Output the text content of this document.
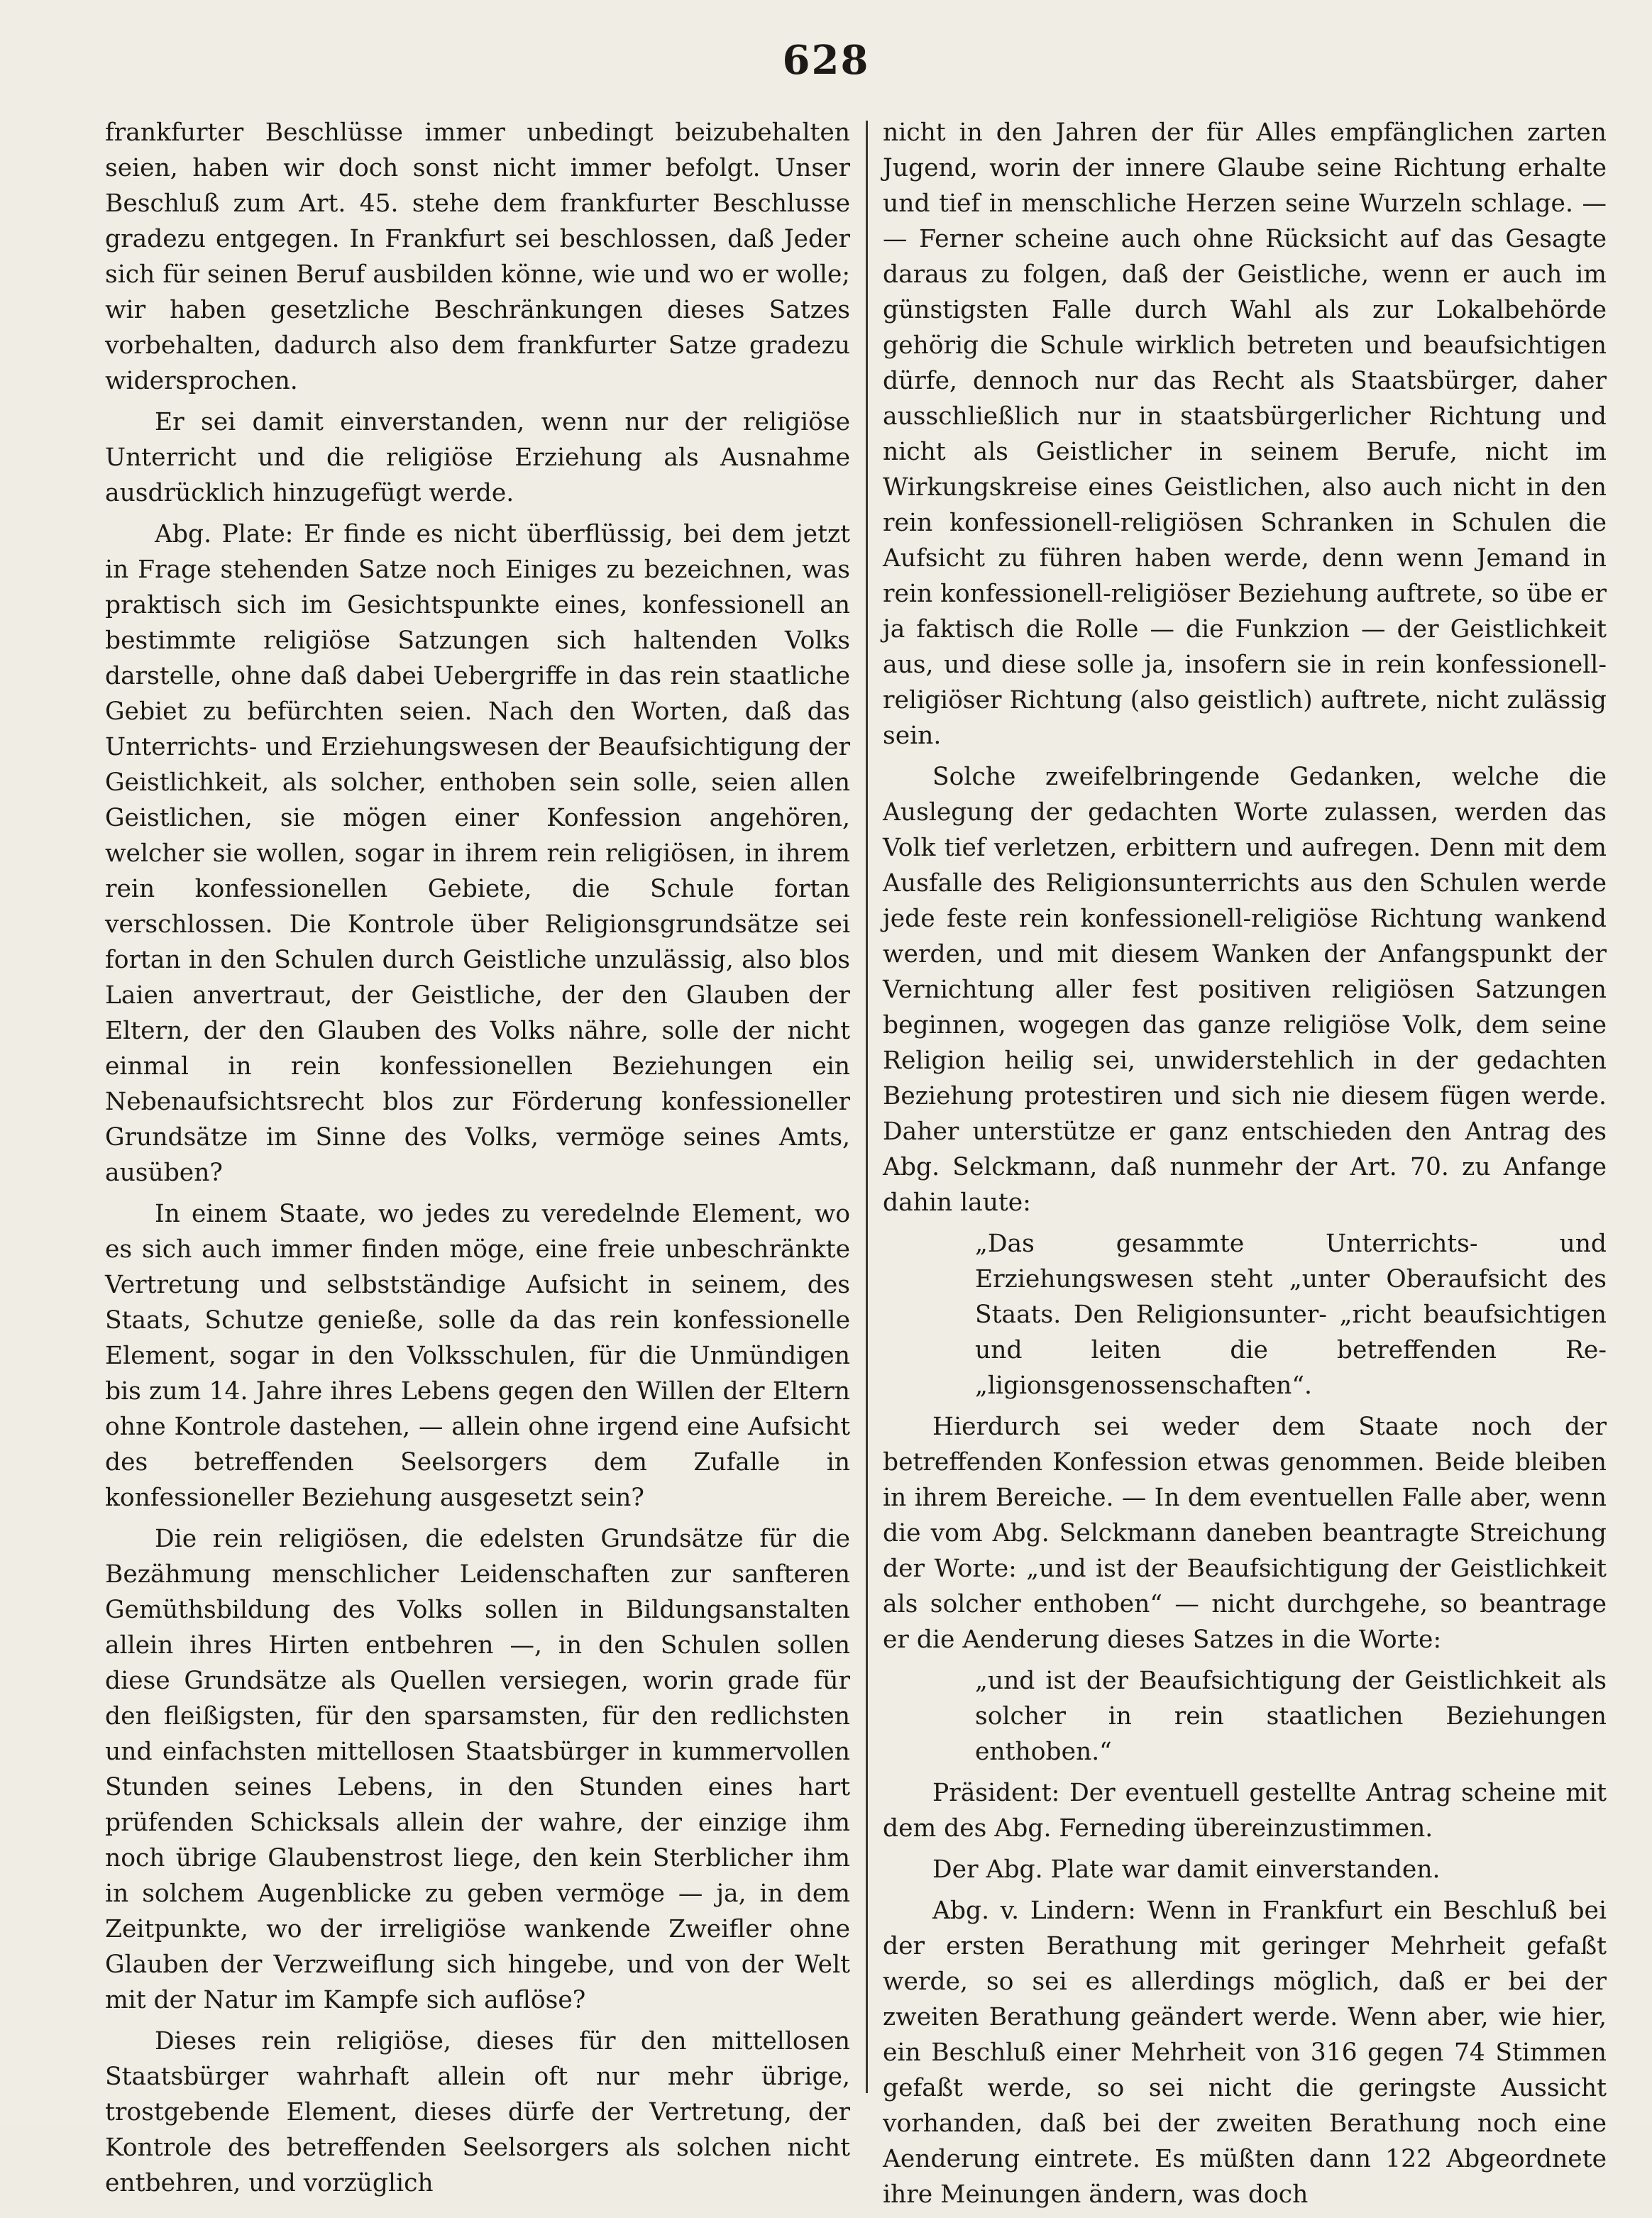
628

frankfurter Beschlüsse immer unbedingt beizubehalten seien, haben wir doch sonst nicht immer befolgt. Unser Beschluß zum Art. 45. stehe dem frankfurter Beschlusse gradezu entgegen. In Frankfurt sei beschlossen, daß Jeder sich für seinen Beruf ausbilden könne, wie und wo er wolle; wir haben gesetzliche Beschränkungen dieses Satzes vorbehalten, dadurch also dem frankfurter Satze gradezu widersprochen.

Er sei damit einverstanden, wenn nur der religiöse Unterricht und die religiöse Erziehung als Ausnahme ausdrücklich hinzugefügt werde.

Abg. Plate: Er finde es nicht überflüssig, bei dem jetzt in Frage stehenden Satze noch Einiges zu bezeichnen, was praktisch sich im Gesichtspunkte eines, konfessionell an bestimmte religiöse Satzungen sich haltenden Volks darstelle, ohne daß dabei Uebergriffe in das rein staatliche Gebiet zu befürchten seien. Nach den Worten, daß das Unterrichts- und Erziehungswesen der Beaufsichtigung der Geistlichkeit, als solcher, enthoben sein solle, seien allen Geistlichen, sie mögen einer Konfession angehören, welcher sie wollen, sogar in ihrem rein religiösen, in ihrem rein konfessionellen Gebiete, die Schule fortan verschlossen. Die Kontrole über Religionsgrundsätze sei fortan in den Schulen durch Geistliche unzulässig, also blos Laien anvertraut, der Geistliche, der den Glauben der Eltern, der den Glauben des Volks nähre, solle der nicht einmal in rein konfessionellen Beziehungen ein Nebenaufsichtsrecht blos zur Förderung konfessioneller Grundsätze im Sinne des Volks, vermöge seines Amts, ausüben?

In einem Staate, wo jedes zu veredelnde Element, wo es sich auch immer finden möge, eine freie unbeschränkte Vertretung und selbstständige Aufsicht in seinem, des Staats, Schutze genieße, solle da das rein konfessionelle Element, sogar in den Volksschulen, für die Unmündigen bis zum 14. Jahre ihres Lebens gegen den Willen der Eltern ohne Kontrole dastehen, — allein ohne irgend eine Aufsicht des betreffenden Seelsorgers dem Zufalle in konfessioneller Beziehung ausgesetzt sein?

Die rein religiösen, die edelsten Grundsätze für die Bezähmung menschlicher Leidenschaften zur sanfteren Gemüthsbildung des Volks sollen in Bildungsanstalten allein ihres Hirten entbehren —, in den Schulen sollen diese Grundsätze als Quellen versiegen, worin grade für den fleißigsten, für den sparsamsten, für den redlichsten und einfachsten mittellosen Staatsbürger in kummervollen Stunden seines Lebens, in den Stunden eines hart prüfenden Schicksals allein der wahre, der einzige ihm noch übrige Glaubenstrost liege, den kein Sterblicher ihm in solchem Augenblicke zu geben vermöge — ja, in dem Zeitpunkte, wo der irreligiöse wankende Zweifler ohne Glauben der Verzweiflung sich hingebe, und von der Welt mit der Natur im Kampfe sich auflöse?

Dieses rein religiöse, dieses für den mittellosen Staatsbürger wahrhaft allein oft nur mehr übrige, trostgebende Element, dieses dürfe der Vertretung, der Kontrole des betreffenden Seelsorgers als solchen nicht entbehren, und vorzüglich

nicht in den Jahren der für Alles empfänglichen zarten Jugend, worin der innere Glaube seine Richtung erhalte und tief in menschliche Herzen seine Wurzeln schlage. — — Ferner scheine auch ohne Rücksicht auf das Gesagte daraus zu folgen, daß der Geistliche, wenn er auch im günstigsten Falle durch Wahl als zur Lokalbehörde gehörig die Schule wirklich betreten und beaufsichtigen dürfe, dennoch nur das Recht als Staatsbürger, daher ausschließlich nur in staatsbürgerlicher Richtung und nicht als Geistlicher in seinem Berufe, nicht im Wirkungskreise eines Geistlichen, also auch nicht in den rein konfessionell-religiösen Schranken in Schulen die Aufsicht zu führen haben werde, denn wenn Jemand in rein konfessionell-religiöser Beziehung auftrete, so übe er ja faktisch die Rolle — die Funkzion — der Geistlichkeit aus, und diese solle ja, insofern sie in rein konfessionell-religiöser Richtung (also geistlich) auftrete, nicht zulässig sein.

Solche zweifelbringende Gedanken, welche die Auslegung der gedachten Worte zulassen, werden das Volk tief verletzen, erbittern und aufregen. Denn mit dem Ausfalle des Religionsunterrichts aus den Schulen werde jede feste rein konfessionell-religiöse Richtung wankend werden, und mit diesem Wanken der Anfangspunkt der Vernichtung aller fest positiven religiösen Satzungen beginnen, wogegen das ganze religiöse Volk, dem seine Religion heilig sei, unwiderstehlich in der gedachten Beziehung protestiren und sich nie diesem fügen werde. Daher unterstütze er ganz entschieden den Antrag des Abg. Selckmann, daß nunmehr der Art. 70. zu Anfange dahin laute:

„Das gesammte Unterrichts- und Erziehungswesen steht „unter Oberaufsicht des Staats. Den Religionsunter- „richt beaufsichtigen und leiten die betreffenden Re- „ligionsgenossenschaften“.

Hierdurch sei weder dem Staate noch der betreffenden Konfession etwas genommen. Beide bleiben in ihrem Bereiche. — In dem eventuellen Falle aber, wenn die vom Abg. Selckmann daneben beantragte Streichung der Worte: „und ist der Beaufsichtigung der Geistlichkeit als solcher enthoben“ — nicht durchgehe, so beantrage er die Aenderung dieses Satzes in die Worte:

„und ist der Beaufsichtigung der Geistlichkeit als solcher in rein staatlichen Beziehungen enthoben.“

Präsident: Der eventuell gestellte Antrag scheine mit dem des Abg. Ferneding übereinzustimmen.

Der Abg. Plate war damit einverstanden.

Abg. v. Lindern: Wenn in Frankfurt ein Beschluß bei der ersten Berathung mit geringer Mehrheit gefaßt werde, so sei es allerdings möglich, daß er bei der zweiten Berathung geändert werde. Wenn aber, wie hier, ein Beschluß einer Mehrheit von 316 gegen 74 Stimmen gefaßt werde, so sei nicht die geringste Aussicht vorhanden, daß bei der zweiten Berathung noch eine Aenderung eintrete. Es müßten dann 122 Abgeordnete ihre Meinungen ändern, was doch
